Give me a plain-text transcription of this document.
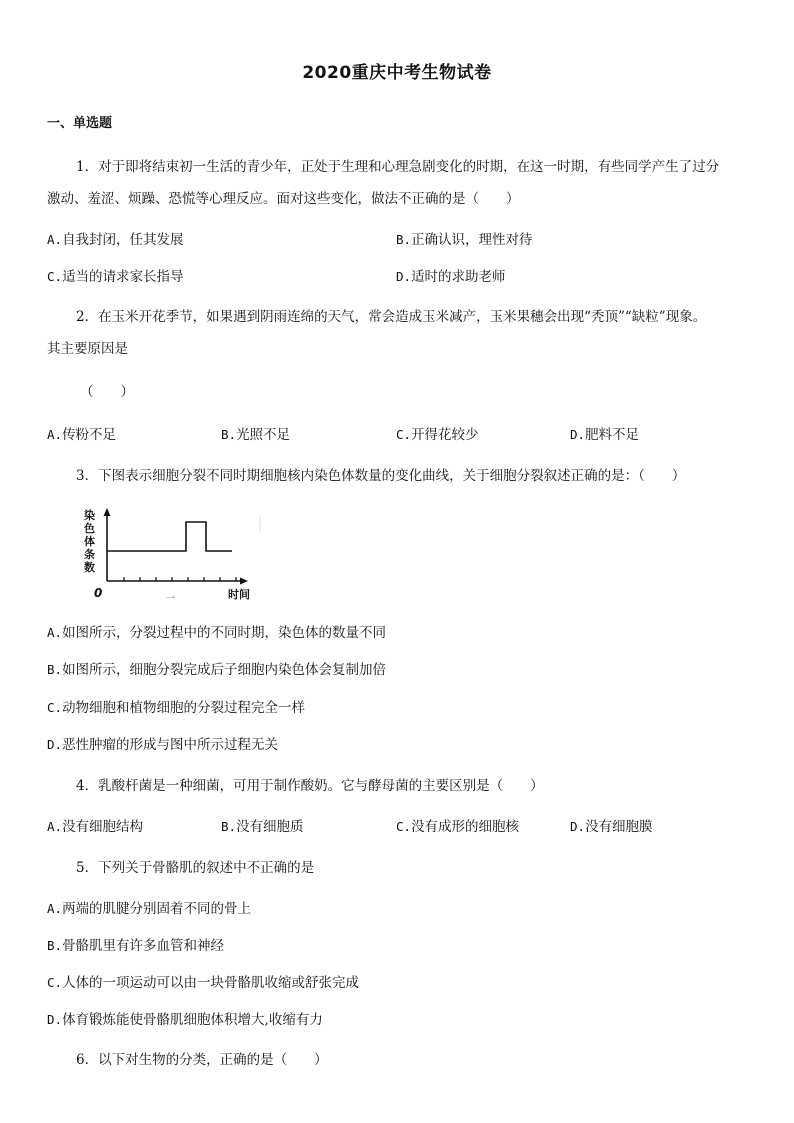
2020重庆中考生物试卷
一、单选题
1．对于即将结束初一生活的青少年，正处于生理和心理急剧变化的时期，在这一时期，有些同学产生了过分
激动、羞涩、烦躁、恐慌等心理反应。面对这些变化，做法不正确的是（　　）
A.自我封闭，任其发展	B.正确认识，理性对待
C.适当的请求家长指导	D.适时的求助老师
2．在玉米开花季节，如果遇到阴雨连绵的天气，常会造成玉米减产，玉米果穗会出现“秃顶”“缺粒”现象。
其主要原因是
（　　）
A.传粉不足	B.光照不足	C.开得花较少	D.肥料不足
3．下图表示细胞分裂不同时期细胞核内染色体数量的变化曲线，关于细胞分裂叙述正确的是：（　　）
染
色
体
条
数
0	一	时间
A.如图所示，分裂过程中的不同时期，染色体的数量不同
B.如图所示，细胞分裂完成后子细胞内染色体会复制加倍
C.动物细胞和植物细胞的分裂过程完全一样
D.恶性肿瘤的形成与图中所示过程无关
4．乳酸杆菌是一种细菌，可用于制作酸奶。它与酵母菌的主要区别是（　　）
A.没有细胞结构	B.没有细胞质	C.没有成形的细胞核	D.没有细胞膜
5．下列关于骨骼肌的叙述中不正确的是
A.两端的肌腱分别固着不同的骨上
B.骨骼肌里有许多血管和神经
C.人体的一项运动可以由一块骨骼肌收缩或舒张完成
D.体育锻炼能使骨骼肌细胞体积增大,收缩有力
6．以下对生物的分类，正确的是（　　）
